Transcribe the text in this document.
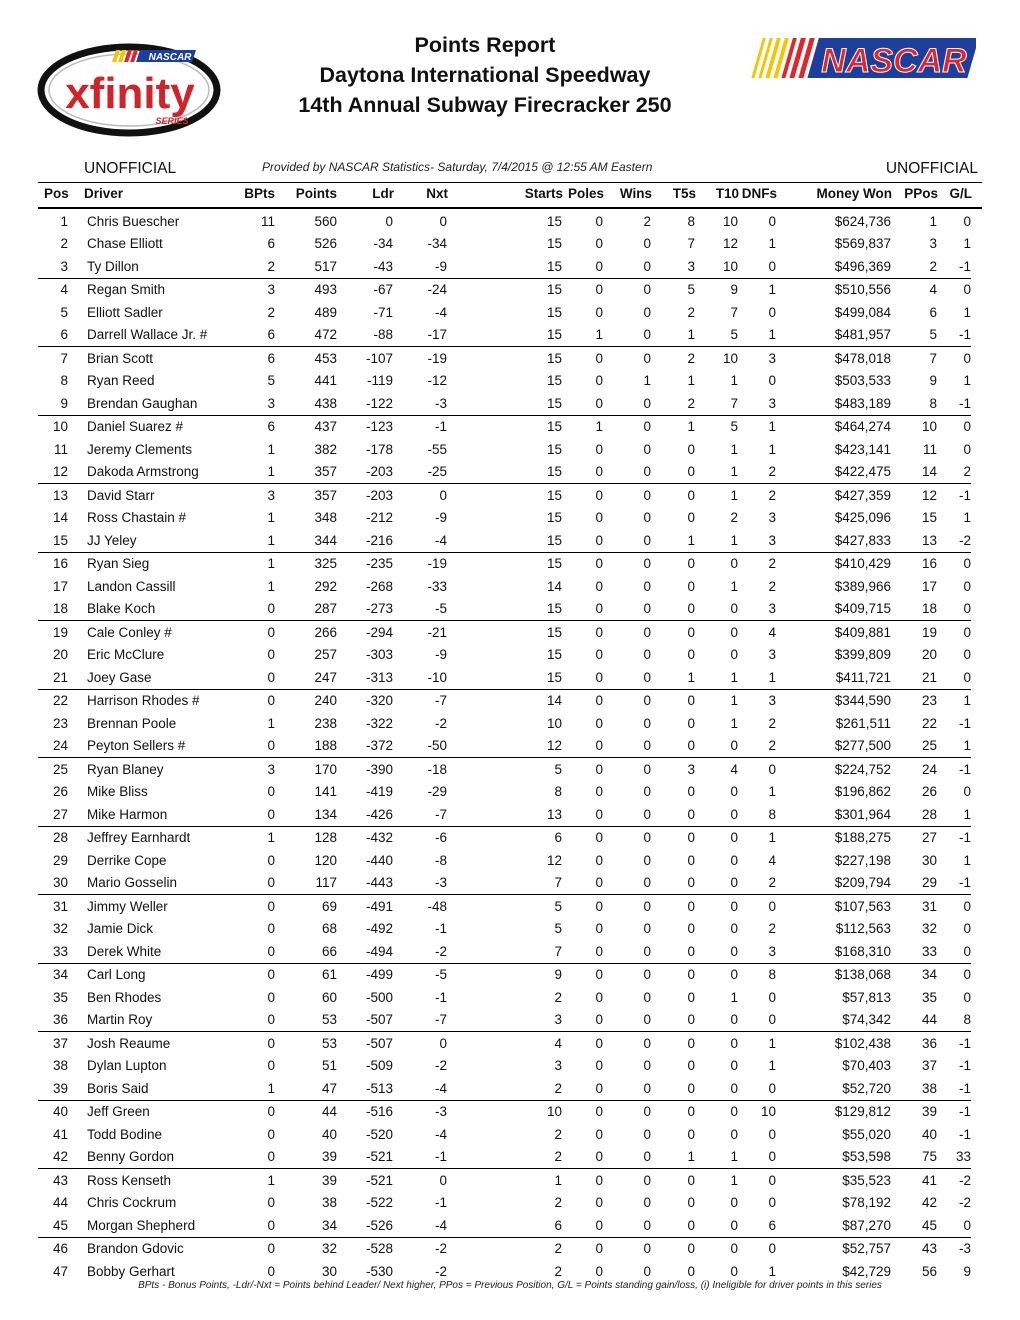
NASCAR
xfinity
SERIES
NASCAR
Points Report
Daytona International Speedway
14th Annual Subway Firecracker 250
UNOFFICIAL	Provided by NASCAR Statistics- Saturday, 7/4/2015 @ 12:55 AM Eastern	UNOFFICIAL
Pos Driver	BPts Points	Ldr Nxt	Starts Poles Wins T5s T10 DNFs	Money Won PPos G/L
	1		Chris Buescher	11	560	0	0	15	0	2	8	10	0	$624,736	1	0	
	2		Chase Elliott	6	526	-34	-34	15	0	0	7	12	1	$569,837	3	1	
	3		Ty Dillon	2	517	-43	-9	15	0	0	3	10	0	$496,369	2	-1	
	4		Regan Smith	3	493	-67	-24	15	0	0	5	9	1	$510,556	4	0	
	5		Elliott Sadler	2	489	-71	-4	15	0	0	2	7	0	$499,084	6	1	
	6		Darrell Wallace Jr. #	6	472	-88	-17	15	1	0	1	5	1	$481,957	5	-1	
	7		Brian Scott	6	453	-107	-19	15	0	0	2	10	3	$478,018	7	0	
	8		Ryan Reed	5	441	-119	-12	15	0	1	1	1	0	$503,533	9	1	
	9		Brendan Gaughan	3	438	-122	-3	15	0	0	2	7	3	$483,189	8	-1	
	10		Daniel Suarez #	6	437	-123	-1	15	1	0	1	5	1	$464,274	10	0	
	11		Jeremy Clements	1	382	-178	-55	15	0	0	0	1	1	$423,141	11	0	
	12		Dakoda Armstrong	1	357	-203	-25	15	0	0	0	1	2	$422,475	14	2	
	13		David Starr	3	357	-203	0	15	0	0	0	1	2	$427,359	12	-1	
	14		Ross Chastain #	1	348	-212	-9	15	0	0	0	2	3	$425,096	15	1	
	15		JJ Yeley	1	344	-216	-4	15	0	0	1	1	3	$427,833	13	-2	
	16		Ryan Sieg	1	325	-235	-19	15	0	0	0	0	2	$410,429	16	0	
	17		Landon Cassill	1	292	-268	-33	14	0	0	0	1	2	$389,966	17	0	
	18		Blake Koch	0	287	-273	-5	15	0	0	0	0	3	$409,715	18	0	
	19		Cale Conley #	0	266	-294	-21	15	0	0	0	0	4	$409,881	19	0	
	20		Eric McClure	0	257	-303	-9	15	0	0	0	0	3	$399,809	20	0	
	21		Joey Gase	0	247	-313	-10	15	0	0	1	1	1	$411,721	21	0	
	22		Harrison Rhodes #	0	240	-320	-7	14	0	0	0	1	3	$344,590	23	1	
	23		Brennan Poole	1	238	-322	-2	10	0	0	0	1	2	$261,511	22	-1	
	24		Peyton Sellers #	0	188	-372	-50	12	0	0	0	0	2	$277,500	25	1	
	25		Ryan Blaney	3	170	-390	-18	5	0	0	3	4	0	$224,752	24	-1	
	26		Mike Bliss	0	141	-419	-29	8	0	0	0	0	1	$196,862	26	0	
	27		Mike Harmon	0	134	-426	-7	13	0	0	0	0	8	$301,964	28	1	
	28		Jeffrey Earnhardt	1	128	-432	-6	6	0	0	0	0	1	$188,275	27	-1	
	29		Derrike Cope	0	120	-440	-8	12	0	0	0	0	4	$227,198	30	1	
	30		Mario Gosselin	0	117	-443	-3	7	0	0	0	0	2	$209,794	29	-1	
	31		Jimmy Weller	0	69	-491	-48	5	0	0	0	0	0	$107,563	31	0	
	32		Jamie Dick	0	68	-492	-1	5	0	0	0	0	2	$112,563	32	0	
	33		Derek White	0	66	-494	-2	7	0	0	0	0	3	$168,310	33	0	
	34		Carl Long	0	61	-499	-5	9	0	0	0	0	8	$138,068	34	0	
	35		Ben Rhodes	0	60	-500	-1	2	0	0	0	1	0	$57,813	35	0	
	36		Martin Roy	0	53	-507	-7	3	0	0	0	0	0	$74,342	44	8	
	37		Josh Reaume	0	53	-507	0	4	0	0	0	0	1	$102,438	36	-1	
	38		Dylan Lupton	0	51	-509	-2	3	0	0	0	0	1	$70,403	37	-1	
	39		Boris Said	1	47	-513	-4	2	0	0	0	0	0	$52,720	38	-1	
	40		Jeff Green	0	44	-516	-3	10	0	0	0	0	10	$129,812	39	-1	
	41		Todd Bodine	0	40	-520	-4	2	0	0	0	0	0	$55,020	40	-1	
	42		Benny Gordon	0	39	-521	-1	2	0	0	1	1	0	$53,598	75	33	
	43		Ross Kenseth	1	39	-521	0	1	0	0	0	1	0	$35,523	41	-2	
	44		Chris Cockrum	0	38	-522	-1	2	0	0	0	0	0	$78,192	42	-2	
	45		Morgan Shepherd	0	34	-526	-4	6	0	0	0	0	6	$87,270	45	0	
	46		Brandon Gdovic	0	32	-528	-2	2	0	0	0	0	0	$52,757	43	-3	
	47		Bobby Gerhart	0	30	-530	-2	2	0	0	0	0	1	$42,729	56	9	
BPts - Bonus Points, -Ldr/-Nxt = Points behind Leader/ Next higher, PPos = Previous Position, G/L = Points standing gain/loss, (i) Ineligible for driver points in this series
